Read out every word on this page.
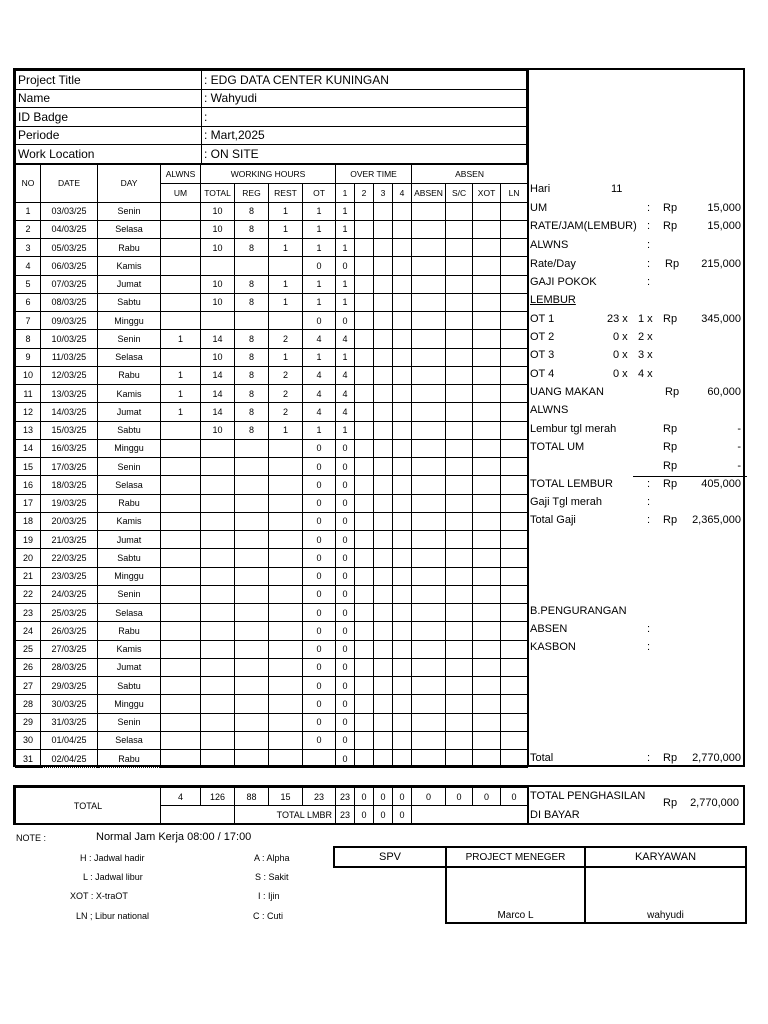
Project Title	: EDG DATA CENTER KUNINGAN
Name	: Wahyudi
ID Badge	:
Periode	: Mart,2025
Work Location	: ON SITE
NO	DATE	DAY	ALWNS	WORKING HOURS				OVER TIME				ABSEN			
			UM	TOTAL	REG	REST	OT	1	2	3	4	ABSEN	S/C	XOT	LN
1	03/03/25	Senin		10	8	1	1	1							
2	04/03/25	Selasa		10	8	1	1	1							
3	05/03/25	Rabu		10	8	1	1	1							
4	06/03/25	Kamis					0	0							
5	07/03/25	Jumat		10	8	1	1	1							
6	08/03/25	Sabtu		10	8	1	1	1							
7	09/03/25	Minggu					0	0							
8	10/03/25	Senin	1	14	8	2	4	4							
9	11/03/25	Selasa		10	8	1	1	1							
10	12/03/25	Rabu	1	14	8	2	4	4							
11	13/03/25	Kamis	1	14	8	2	4	4							
12	14/03/25	Jumat	1	14	8	2	4	4							
13	15/03/25	Sabtu		10	8	1	1	1							
14	16/03/25	Minggu					0	0							
15	17/03/25	Senin					0	0							
16	18/03/25	Selasa					0	0							
17	19/03/25	Rabu					0	0							
18	20/03/25	Kamis					0	0							
19	21/03/25	Jumat					0	0							
20	22/03/25	Sabtu					0	0							
21	23/03/25	Minggu					0	0							
22	24/03/25	Senin					0	0							
23	25/03/25	Selasa					0	0							
24	26/03/25	Rabu					0	0							
25	27/03/25	Kamis					0	0							
26	28/03/25	Jumat					0	0							
27	29/03/25	Sabtu					0	0							
28	30/03/25	Minggu					0	0							
29	31/03/25	Senin					0	0							
30	01/04/25	Selasa					0	0							
31	02/04/25	Rabu						0							
Hari	11
UM	: Rp	15,000
RATE/JAM(LEMBUR) : Rp	15,000
ALWNS	:
Rate/Day	: Rp 215,000
GAJI POKOK	:
LEMBUR
OT 1	23 x 1 x Rp 345,000
OT 2	0 x 2 x
OT 3	0 x 3 x
OT 4	0 x 4 x
UANG MAKAN	Rp	60,000
ALWNS
Lembur tgl merah	Rp	-
TOTAL UM	Rp	-
Rp	-
TOTAL LEMBUR	: Rp 405,000
Gaji Tgl merah	:
Total Gaji	: Rp 2,365,000
B.PENGURANGAN
ABSEN	:
KASBON	:
Total	: Rp 2,770,000
TOTAL	4	126	88	15	23	23	0	0	0	0	0	0	0
			TOTAL LMBR			23	0	0	0				
TOTAL PENGHASILAN
DI BAYAR
Rp 2,770,000
NOTE :	Normal Jam Kerja 08:00 / 17:00
H : Jadwal hadir
L : Jadwal libur
XOT : X-traOT
LN ; Libur national
A : Alpha
S : Sakit
I : Ijin
C : Cuti
SPV	PROJECT MENEGER	KARYAWAN
	Marco L	wahyudi
